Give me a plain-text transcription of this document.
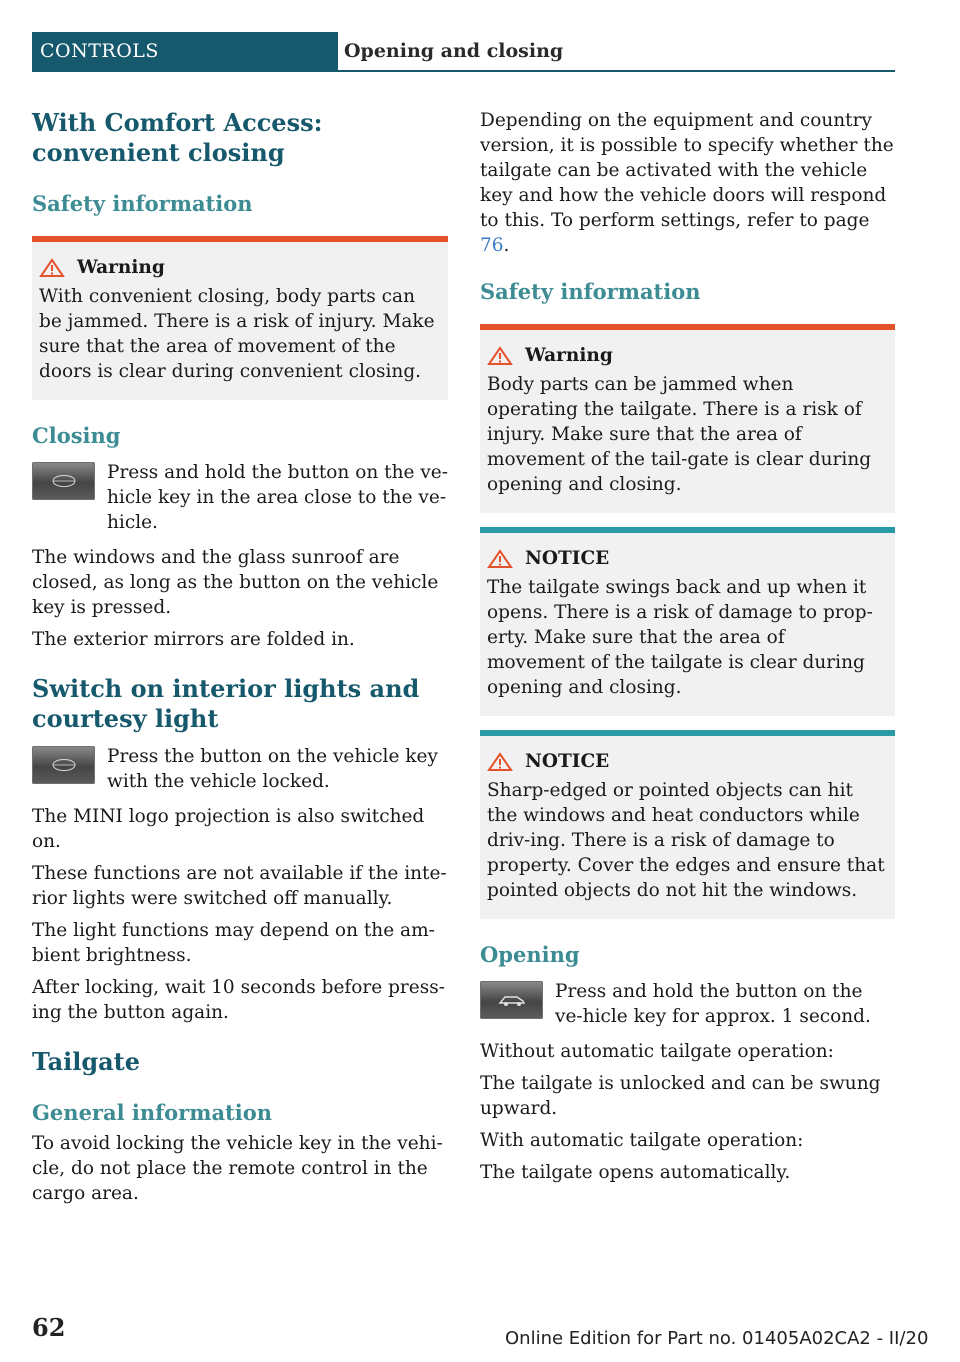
CONTROLS	Opening and closing
With Comfort Access: convenient closing
Safety information
Warning

With convenient closing, body parts can be jammed. There is a risk of injury. Make sure that the area of movement of the doors is clear during convenient closing.

Closing

Press and hold the button on the ve‐hicle key in the area close to the ve‐hicle.

The windows and the glass sunroof are closed, as long as the button on the vehicle key is pressed.

The exterior mirrors are folded in.

Switch on interior lights and courtesy light

Press the button on the vehicle key with the vehicle locked.

The MINI logo projection is also switched on.

These functions are not available if the inte‐rior lights were switched off manually.

The light functions may depend on the am‐bient brightness.

After locking, wait 10 seconds before press‐ing the button again.

Tailgate
General information

To avoid locking the vehicle key in the vehi‐cle, do not place the remote control in the cargo area.

Depending on the equipment and country version, it is possible to specify whether the tailgate can be activated with the vehicle key and how the vehicle doors will respond to this. To perform settings, refer to page 76.

Safety information
Warning

Body parts can be jammed when operating the tailgate. There is a risk of injury. Make sure that the area of movement of the tail‐gate is clear during opening and closing.

NOTICE

The tailgate swings back and up when it opens. There is a risk of damage to prop‐erty. Make sure that the area of movement of the tailgate is clear during opening and closing.

NOTICE

Sharp-edged or pointed objects can hit the windows and heat conductors while driv‐ing. There is a risk of damage to property. Cover the edges and ensure that pointed objects do not hit the windows.

Opening

Press and hold the button on the ve‐hicle key for approx. 1 second.

Without automatic tailgate operation:

The tailgate is unlocked and can be swung upward.

With automatic tailgate operation:

The tailgate opens automatically.

62	Online Edition for Part no. 01405A02CA2 - II/20
